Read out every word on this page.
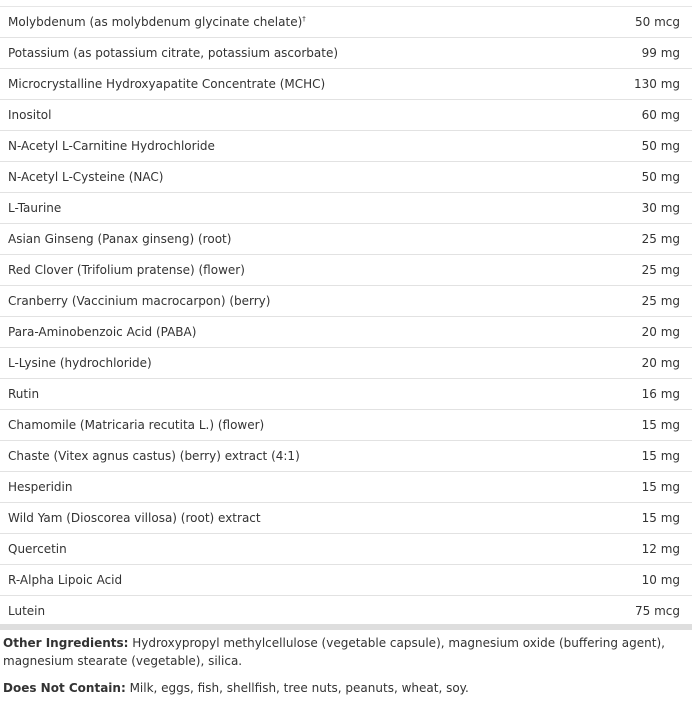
Molybdenum (as molybdenum glycinate chelate)†	50 mcg
Potassium (as potassium citrate, potassium ascorbate)	99 mg
Microcrystalline Hydroxyapatite Concentrate (MCHC)	130 mg
Inositol	60 mg
N-Acetyl L-Carnitine Hydrochloride	50 mg
N-Acetyl L-Cysteine (NAC)	50 mg
L-Taurine	30 mg
Asian Ginseng (Panax ginseng) (root)	25 mg
Red Clover (Trifolium pratense) (flower)	25 mg
Cranberry (Vaccinium macrocarpon) (berry)	25 mg
Para-Aminobenzoic Acid (PABA)	20 mg
L-Lysine (hydrochloride)	20 mg
Rutin	16 mg
Chamomile (Matricaria recutita L.) (flower)	15 mg
Chaste (Vitex agnus castus) (berry) extract (4:1)	15 mg
Hesperidin	15 mg
Wild Yam (Dioscorea villosa) (root) extract	15 mg
Quercetin	12 mg
R-Alpha Lipoic Acid	10 mg
Lutein	75 mcg
Other Ingredients: Hydroxypropyl methylcellulose (vegetable capsule), magnesium oxide (buffering agent), magnesium stearate (vegetable), silica.
Does Not Contain: Milk, eggs, fish, shellfish, tree nuts, peanuts, wheat, soy.
